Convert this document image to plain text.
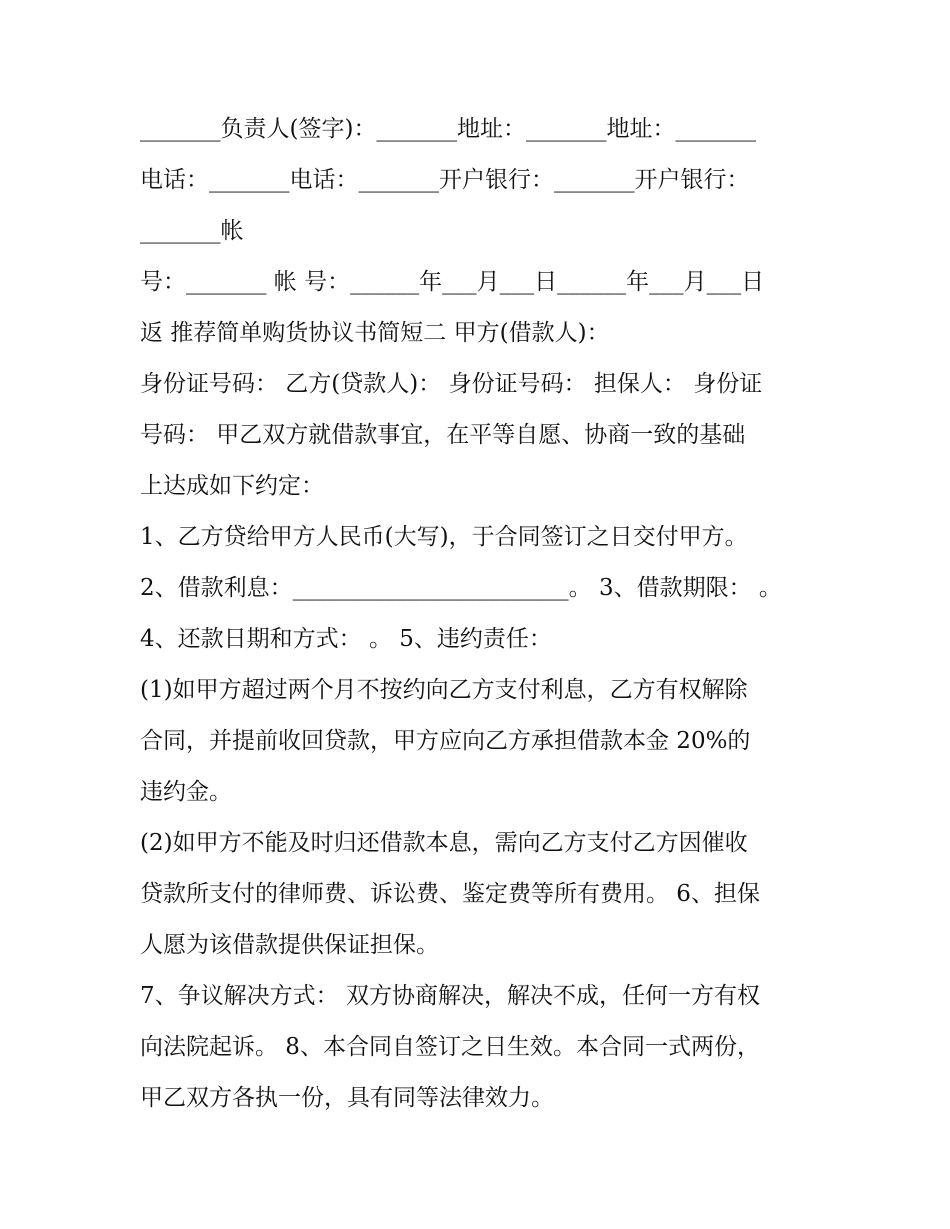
_______负责人(签字)：_______地址：_______地址：_______
电话：_______电话：_______开户银行：_______开户银行：
_______帐
号：_______ 帐 号：______年___月___日______年___月___日
返 推荐简单购货协议书简短二 甲方(借款人)：
身份证号码： 乙方(贷款人)： 身份证号码： 担保人： 身份证
号码： 甲乙双方就借款事宜，在平等自愿、协商一致的基础
上达成如下约定：
1、乙方贷给甲方人民币(大写)，于合同签订之日交付甲方。
2、借款利息：________________________。 3、借款期限： 。
4、还款日期和方式： 。 5、违约责任：
(1)如甲方超过两个月不按约向乙方支付利息，乙方有权解除
合同，并提前收回贷款，甲方应向乙方承担借款本金 20%的
违约金。
(2)如甲方不能及时归还借款本息，需向乙方支付乙方因催收
贷款所支付的律师费、诉讼费、鉴定费等所有费用。 6、担保
人愿为该借款提供保证担保。
7、争议解决方式： 双方协商解决，解决不成，任何一方有权
向法院起诉。 8、本合同自签订之日生效。本合同一式两份，
甲乙双方各执一份，具有同等法律效力。
